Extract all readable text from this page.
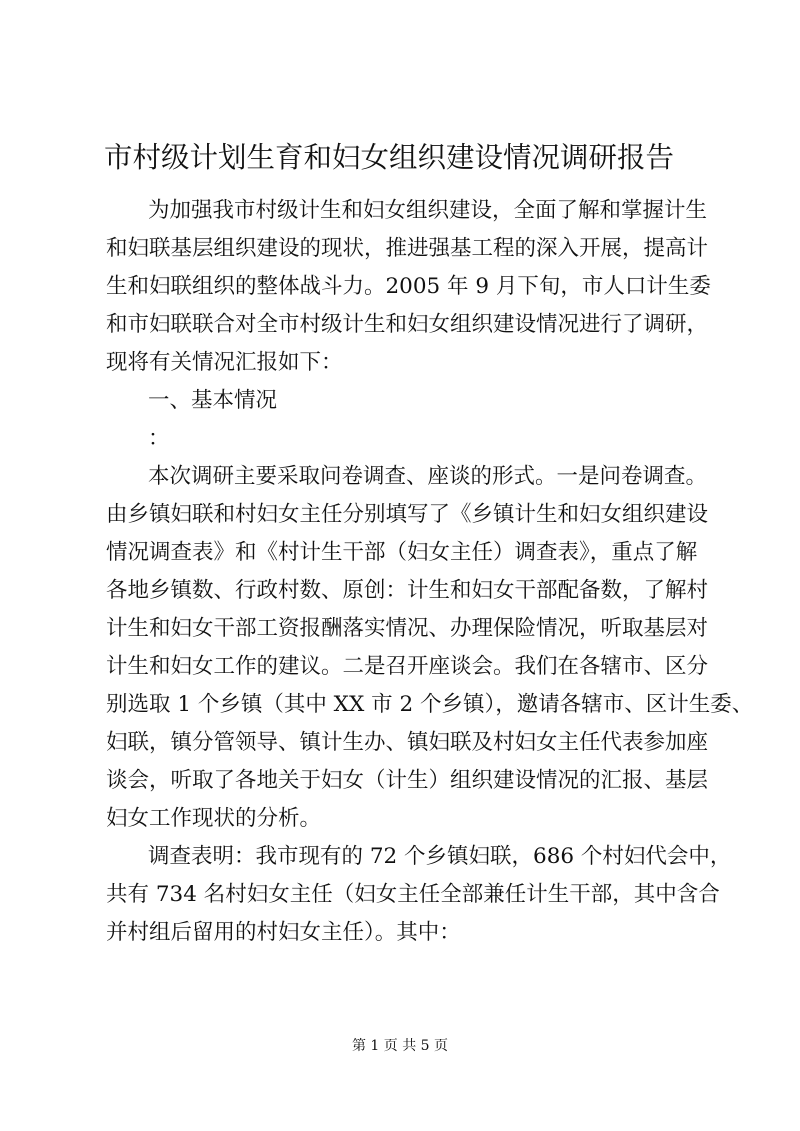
市村级计划生育和妇女组织建设情况调研报告
为加强我市村级计生和妇女组织建设，全面了解和掌握计生
和妇联基层组织建设的现状，推进强基工程的深入开展，提高计
生和妇联组织的整体战斗力。2005 年 9 月下旬，市人口计生委
和市妇联联合对全市村级计生和妇女组织建设情况进行了调研，
现将有关情况汇报如下：
一、基本情况
：
本次调研主要采取问卷调查、座谈的形式。一是问卷调查。
由乡镇妇联和村妇女主任分别填写了《乡镇计生和妇女组织建设
情况调查表》和《村计生干部（妇女主任）调查表》，重点了解
各地乡镇数、行政村数、原创：计生和妇女干部配备数，了解村
计生和妇女干部工资报酬落实情况、办理保险情况，听取基层对
计生和妇女工作的建议。二是召开座谈会。我们在各辖市、区分
别选取 1 个乡镇（其中 XX 市 2 个乡镇），邀请各辖市、区计生委、
妇联，镇分管领导、镇计生办、镇妇联及村妇女主任代表参加座
谈会，听取了各地关于妇女（计生）组织建设情况的汇报、基层
妇女工作现状的分析。
调查表明：我市现有的 72 个乡镇妇联，686 个村妇代会中，
共有 734 名村妇女主任（妇女主任全部兼任计生干部，其中含合
并村组后留用的村妇女主任）。其中：
第 1 页 共 5 页
